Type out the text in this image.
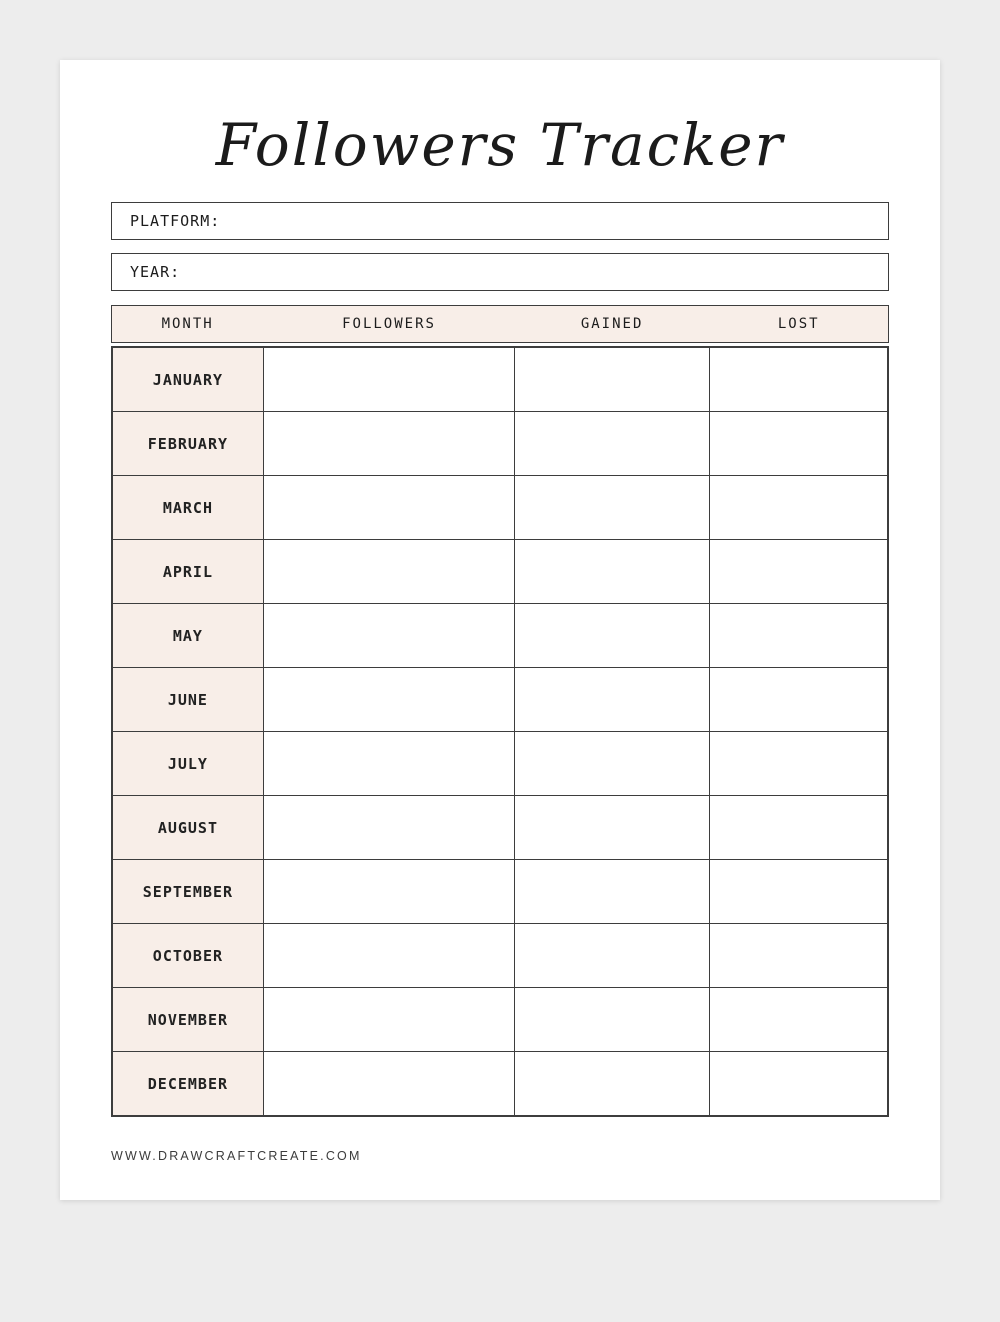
Followers Tracker
PLATFORM:
YEAR:
MONTH	FOLLOWERS	GAINED	LOST
JANUARY			
FEBRUARY			
MARCH			
APRIL			
MAY			
JUNE			
JULY			
AUGUST			
SEPTEMBER			
OCTOBER			
NOVEMBER			
DECEMBER			
WWW.DRAWCRAFTCREATE.COM
